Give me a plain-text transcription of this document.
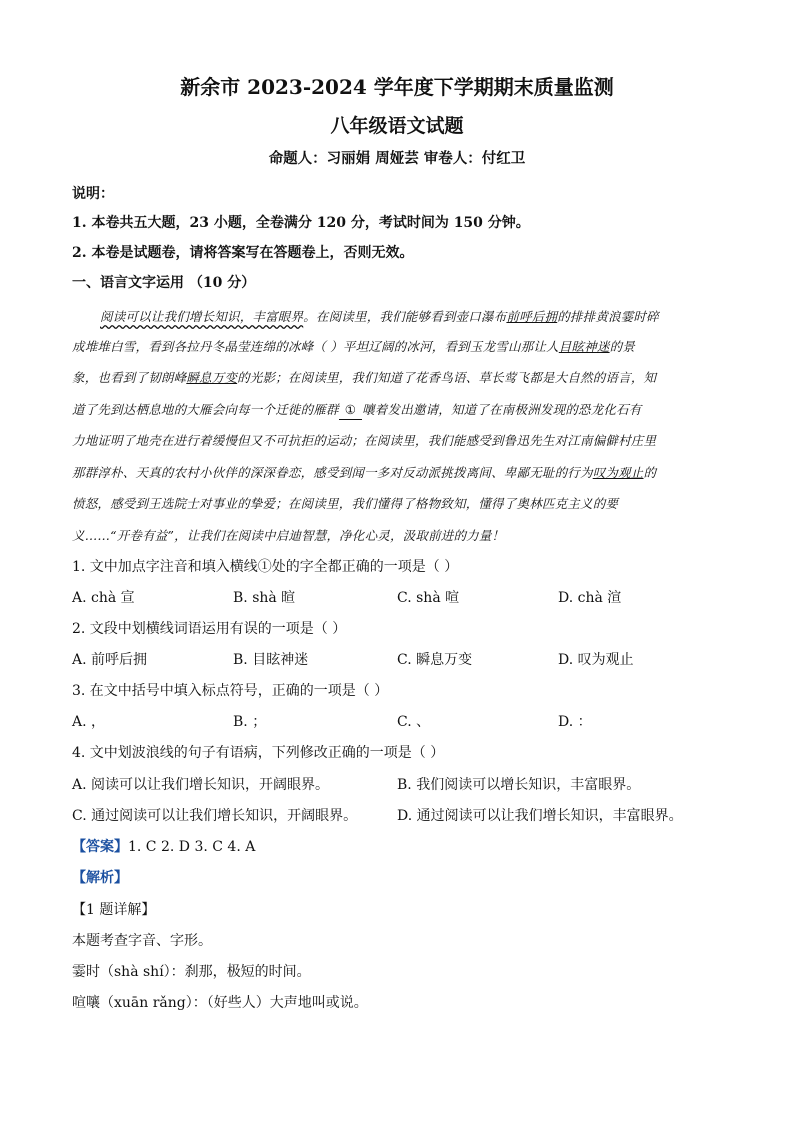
新余市 2023-2024 学年度下学期期末质量监测
八年级语文试题
命题人：习丽娟 周娅芸 审卷人：付红卫
说明：
1. 本卷共五大题，23 小题，全卷满分 120 分，考试时间为 150 分钟。
2. 本卷是试题卷，请将答案写在答题卷上，否则无效。
一、语言文字运用 （10 分）
阅读可以让我们增长知识，丰富眼界。在阅读里，我们能够看到壶口瀑布前呼后拥的排排黄浪霎时碎
成堆堆白雪，看到各拉丹冬晶莹连绵的冰峰（ ）平坦辽阔的冰河，看到玉龙雪山那让人目眩神迷的景
象，也看到了韧朗峰瞬息万变的光影；在阅读里，我们知道了花香鸟语、草长莺飞都是大自然的语言，知
道了先到达栖息地的大雁会向每一个迁徙的雁群 ① 嚷着发出邀请，知道了在南极洲发现的恐龙化石有
力地证明了地壳在进行着缓慢但又不可抗拒的运动；在阅读里，我们能感受到鲁迅先生对江南偏僻村庄里
那群淳朴、天真的农村小伙伴的深深眷恋，感受到闻一多对反动派挑拨离间、卑鄙无耻的行为叹为观止的
愤怒，感受到王选院士对事业的挚爱；在阅读里，我们懂得了格物致知，懂得了奥林匹克主义的要
义……“开卷有益”，让我们在阅读中启迪智慧，净化心灵，汲取前进的力量！
1. 文中加点字注音和填入横线①处的字全都正确的一项是（ ）
A. chà 宣	B. shà 暄	C. shà 喧	D. chà 渲
2. 文段中划横线词语运用有误的一项是（ ）
A. 前呼后拥	B. 目眩神迷	C. 瞬息万变	D. 叹为观止
3. 在文中括号中填入标点符号，正确的一项是（ ）
A. ，	B. ；	C. 、	D. ：
4. 文中划波浪线的句子有语病，下列修改正确的一项是（ ）
A. 阅读可以让我们增长知识，开阔眼界。	B. 我们阅读可以增长知识，丰富眼界。
C. 通过阅读可以让我们增长知识，开阔眼界。	D. 通过阅读可以让我们增长知识，丰富眼界。
【答案】1. C 2. D 3. C 4. A
【解析】
【1 题详解】
本题考查字音、字形。
霎时（shà shí）：刹那，极短的时间。
喧嚷（xuān rǎng）：（好些人）大声地叫或说。
